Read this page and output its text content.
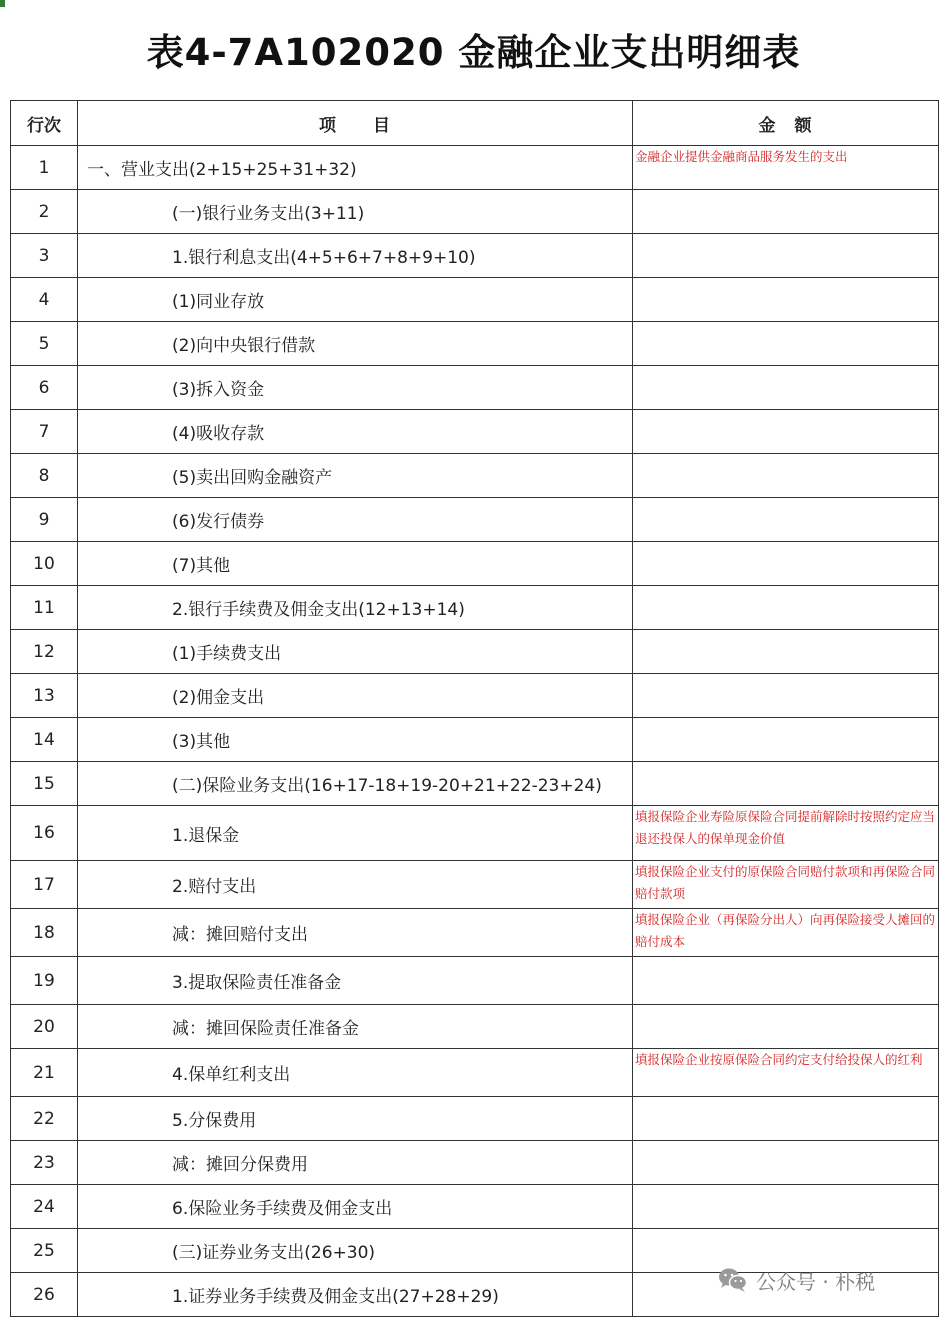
表4-7A102020 金融企业支出明细表
行次	项　　目	金　额
1	一、营业支出(2+15+25+31+32)	金融企业提供金融商品服务发生的支出
2	(一)银行业务支出(3+11)	
3	1.银行利息支出(4+5+6+7+8+9+10)	
4	(1)同业存放	
5	(2)向中央银行借款	
6	(3)拆入资金	
7	(4)吸收存款	
8	(5)卖出回购金融资产	
9	(6)发行债券	
10	(7)其他	
11	2.银行手续费及佣金支出(12+13+14)	
12	(1)手续费支出	
13	(2)佣金支出	
14	(3)其他	
15	(二)保险业务支出(16+17-18+19-20+21+22-23+24)	
16	1.退保金	填报保险企业寿险原保险合同提前解除时按照约定应当退还投保人的保单现金价值
17	2.赔付支出	填报保险企业支付的原保险合同赔付款项和再保险合同赔付款项
18	减：摊回赔付支出	填报保险企业（再保险分出人）向再保险接受人摊回的赔付成本
19	3.提取保险责任准备金	
20	减：摊回保险责任准备金	
21	4.保单红利支出	填报保险企业按原保险合同约定支付给投保人的红利
22	5.分保费用	
23	减：摊回分保费用	
24	6.保险业务手续费及佣金支出	
25	(三)证券业务支出(26+30)	
26	1.证券业务手续费及佣金支出(27+28+29)	
公众号 · 朴税
